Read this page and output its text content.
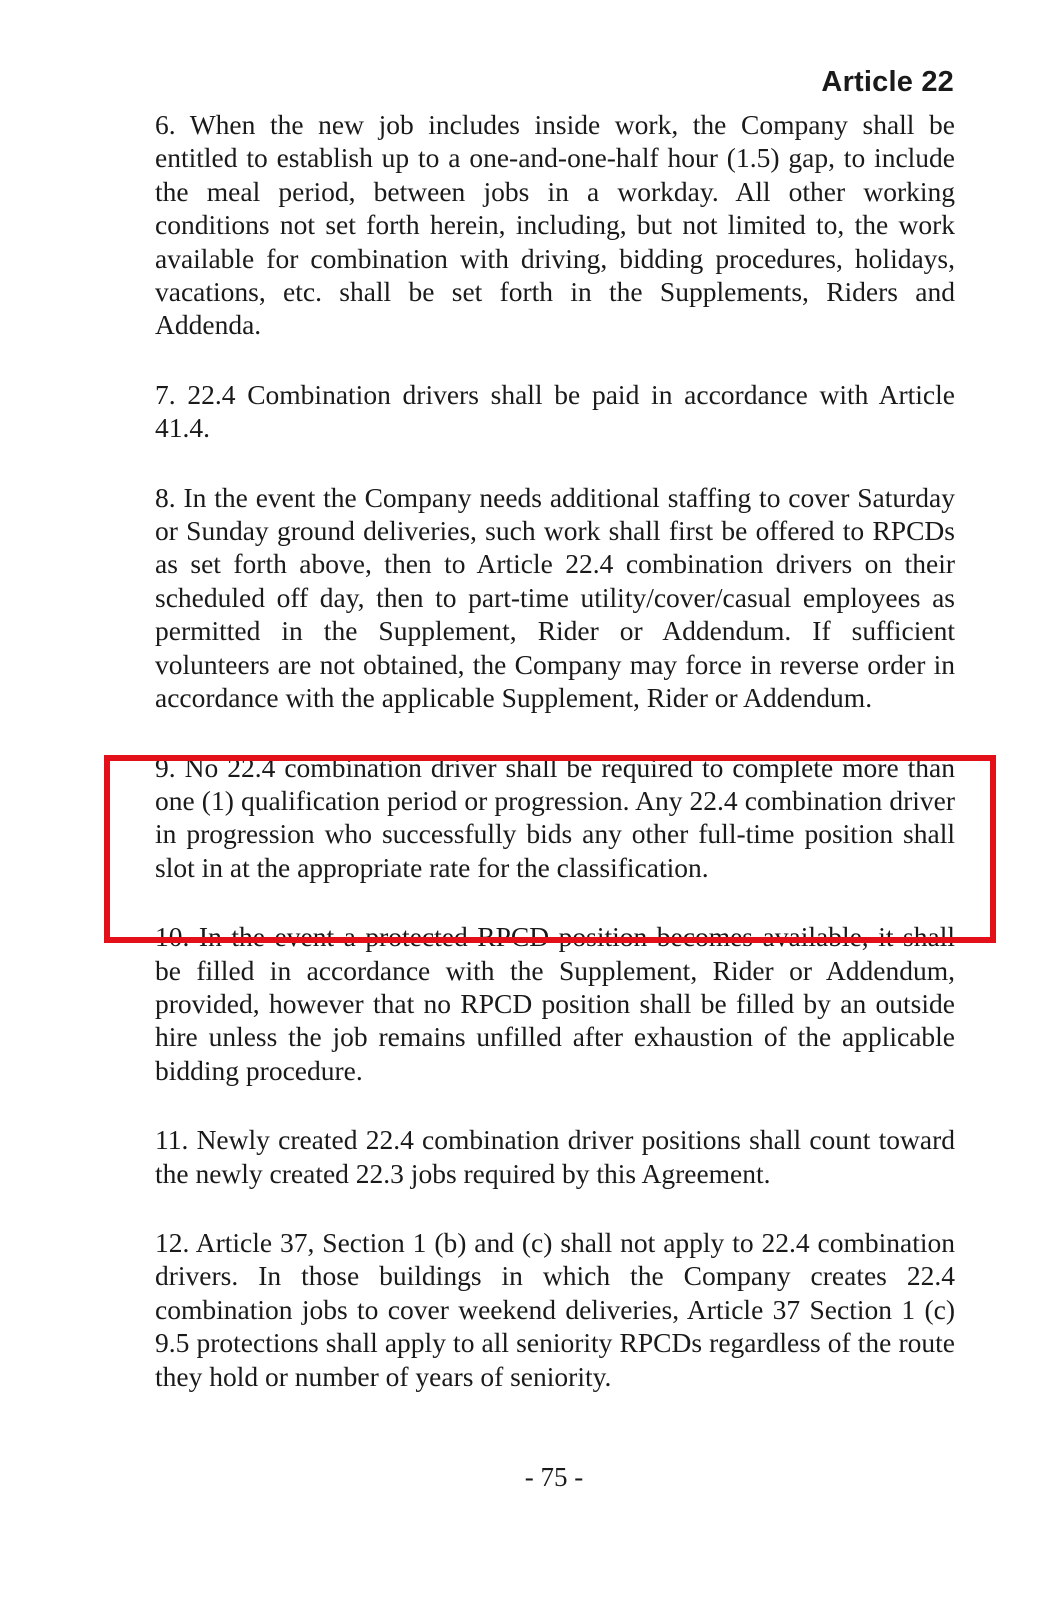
Article 22

6. When the new job includes inside work, the Company shall be entitled to establish up to a one-and-one-half hour (1.5) gap, to include the meal period, between jobs in a workday. All other working conditions not set forth herein, including, but not limited to, the work available for combination with driving, bidding procedures, holidays, vacations, etc. shall be set forth in the Supplements, Riders and Addenda.

7. 22.4 Combination drivers shall be paid in accordance with Article 41.4.

8. In the event the Company needs additional staffing to cover Saturday or Sunday ground deliveries, such work shall first be offered to RPCDs as set forth above, then to Article 22.4 combination drivers on their scheduled off day, then to part-time utility/cover/casual employees as permitted in the Supplement, Rider or Addendum. If sufficient volunteers are not obtained, the Company may force in reverse order in accordance with the applicable Supplement, Rider or Addendum.

9. No 22.4 combination driver shall be required to complete more than one (1) qualification period or progression. Any 22.4 combination driver in progression who successfully bids any other full-time position shall slot in at the appropriate rate for the classification.

10. In the event a protected RPCD position becomes available, it shall be filled in accordance with the Supplement, Rider or Addendum, provided, however that no RPCD position shall be filled by an outside hire unless the job remains unfilled after exhaustion of the applicable bidding procedure.

11. Newly created 22.4 combination driver positions shall count toward the newly created 22.3 jobs required by this Agreement.

12. Article 37, Section 1 (b) and (c) shall not apply to 22.4 combination drivers. In those buildings in which the Company creates 22.4 combination jobs to cover weekend deliveries, Article 37 Section 1 (c) 9.5 protections shall apply to all seniority RPCDs regardless of the route they hold or number of years of seniority.

- 75 -
